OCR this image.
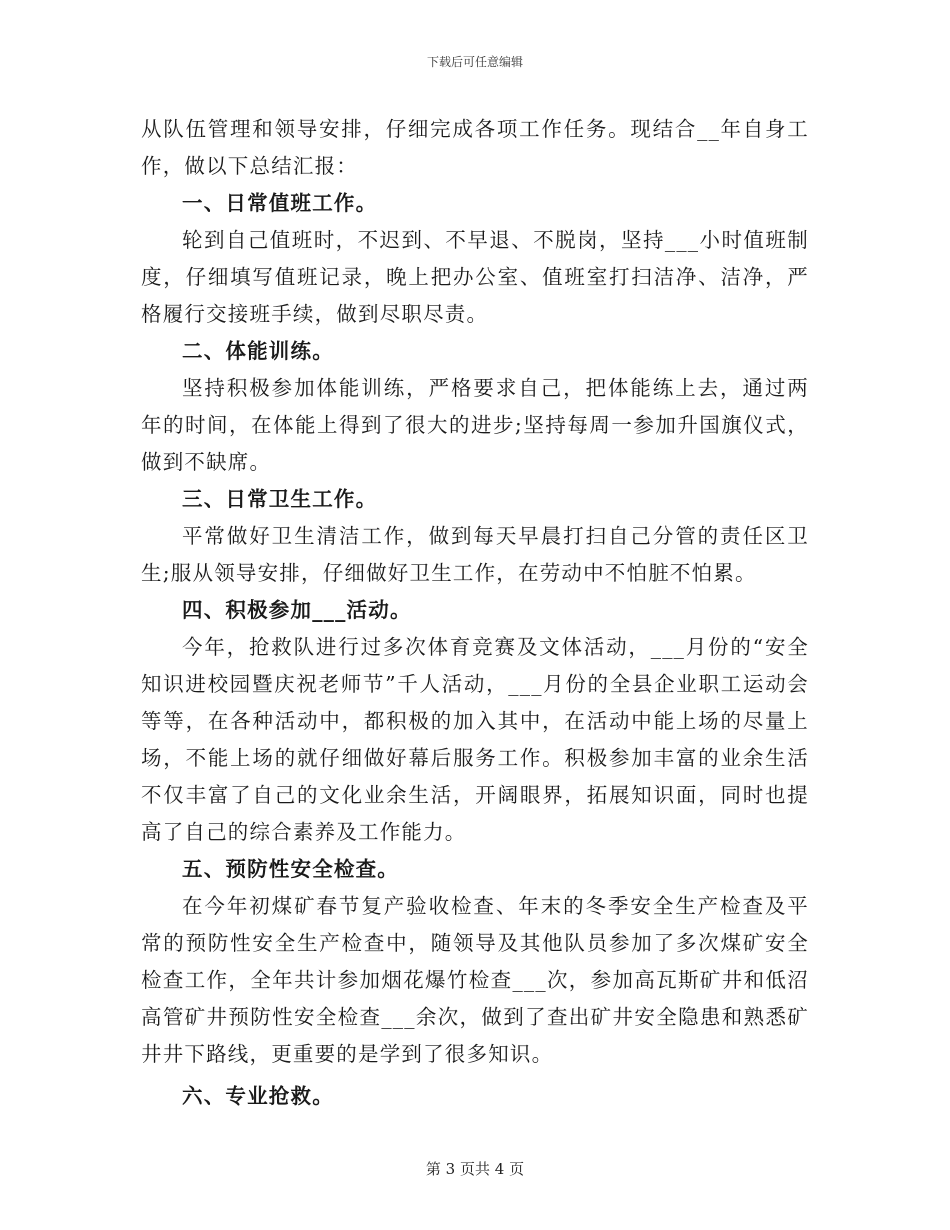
下载后可任意编辑

从队伍管理和领导安排，仔细完成各项工作任务。现结合__年自身工作，做以下总结汇报：

一、日常值班工作。

轮到自己值班时，不迟到、不早退、不脱岗，坚持___小时值班制度，仔细填写值班记录，晚上把办公室、值班室打扫洁净、洁净，严格履行交接班手续，做到尽职尽责。

二、体能训练。

坚持积极参加体能训练，严格要求自己，把体能练上去，通过两年的时间，在体能上得到了很大的进步;坚持每周一参加升国旗仪式，做到不缺席。

三、日常卫生工作。

平常做好卫生清洁工作，做到每天早晨打扫自己分管的责任区卫生;服从领导安排，仔细做好卫生工作，在劳动中不怕脏不怕累。

四、积极参加___活动。

今年，抢救队进行过多次体育竞赛及文体活动，___月份的“安全知识进校园暨庆祝老师节”千人活动，___月份的全县企业职工运动会等等，在各种活动中，都积极的加入其中，在活动中能上场的尽量上场，不能上场的就仔细做好幕后服务工作。积极参加丰富的业余生活不仅丰富了自己的文化业余生活，开阔眼界，拓展知识面，同时也提高了自己的综合素养及工作能力。

五、预防性安全检查。

在今年初煤矿春节复产验收检查、年末的冬季安全生产检查及平常的预防性安全生产检查中，随领导及其他队员参加了多次煤矿安全检查工作，全年共计参加烟花爆竹检查___次，参加高瓦斯矿井和低沼高管矿井预防性安全检查___余次，做到了查出矿井安全隐患和熟悉矿井井下路线，更重要的是学到了很多知识。

六、专业抢救。

第 3 页共 4 页
